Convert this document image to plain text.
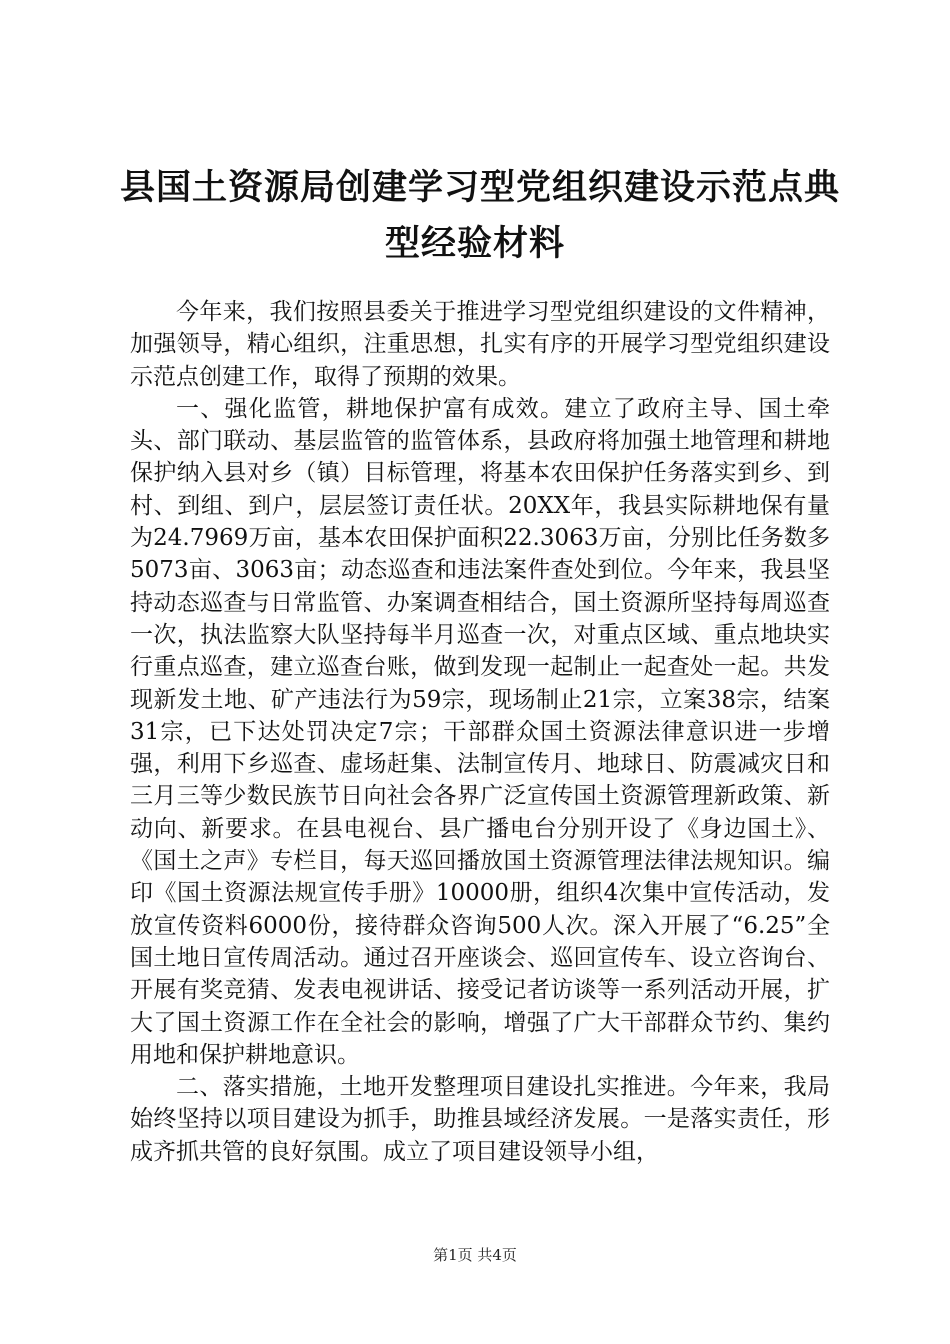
县国土资源局创建学习型党组织建设示范点典
型经验材料

今年来，我们按照县委关于推进学习型党组织建设的文件精神，加强领导，精心组织，注重思想，扎实有序的开展学习型党组织建设示范点创建工作，取得了预期的效果。

一、强化监管，耕地保护富有成效。建立了政府主导、国土牵头、部门联动、基层监管的监管体系，县政府将加强土地管理和耕地保护纳入县对乡（镇）目标管理，将基本农田保护任务落实到乡、到村、到组、到户，层层签订责任状。20XX年，我县实际耕地保有量为24.7969万亩，基本农田保护面积22.3063万亩，分别比任务数多5073亩、3063亩；动态巡查和违法案件查处到位。今年来，我县坚持动态巡查与日常监管、办案调查相结合，国土资源所坚持每周巡查一次，执法监察大队坚持每半月巡查一次，对重点区域、重点地块实行重点巡查，建立巡查台账，做到发现一起制止一起查处一起。共发现新发土地、矿产违法行为59宗，现场制止21宗，立案38宗，结案31宗，已下达处罚决定7宗；干部群众国土资源法律意识进一步增强，利用下乡巡查、虚场赶集、法制宣传月、地球日、防震减灾日和三月三等少数民族节日向社会各界广泛宣传国土资源管理新政策、新动向、新要求。在县电视台、县广播电台分别开设了《身边国土》、《国土之声》专栏目，每天巡回播放国土资源管理法律法规知识。编印《国土资源法规宣传手册》10000册，组织4次集中宣传活动，发放宣传资料6000份，接待群众咨询500人次。深入开展了“6.25”全国土地日宣传周活动。通过召开座谈会、巡回宣传车、设立咨询台、开展有奖竞猜、发表电视讲话、接受记者访谈等一系列活动开展，扩大了国土资源工作在全社会的影响，增强了广大干部群众节约、集约用地和保护耕地意识。

二、落实措施，土地开发整理项目建设扎实推进。今年来，我局始终坚持以项目建设为抓手，助推县域经济发展。一是落实责任，形成齐抓共管的良好氛围。成立了项目建设领导小组，

第1页 共4页
